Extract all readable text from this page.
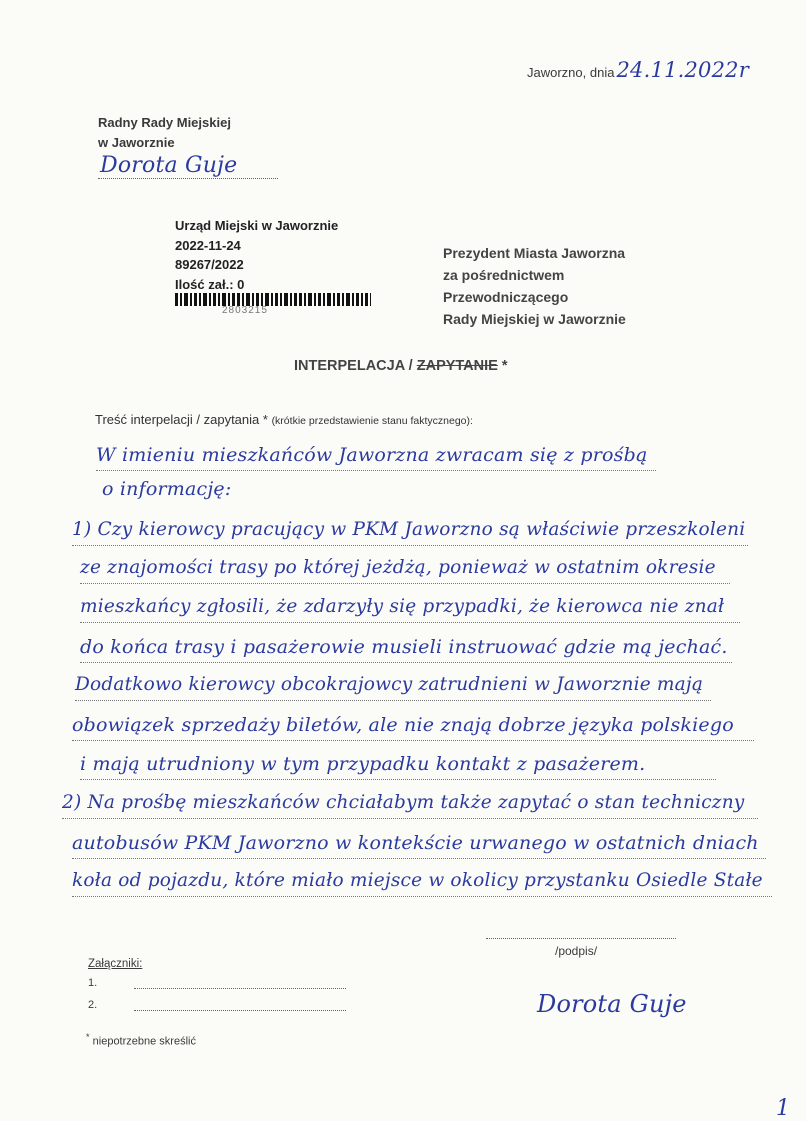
Jaworzno, dnia24.11.2022r
Radny Rady Miejskiej
w Jaworznie
Dorota Guje
Urząd Miejski w Jaworznie
2022-11-24
89267/2022
Ilość zał.: 0
2803215
Prezydent Miasta Jaworzna
za pośrednictwem
Przewodniczącego
Rady Miejskiej w Jaworznie
INTERPELACJA / ZAPYTANIE *
Treść interpelacji / zapytania * (krótkie przedstawienie stanu faktycznego):
W imieniu mieszkańców Jaworzna zwracam się z prośbą
o informację:
1) Czy kierowcy pracujący w PKM Jaworzno są właściwie przeszkoleni
ze znajomości trasy po której jeżdżą, ponieważ w ostatnim okresie
mieszkańcy zgłosili, że zdarzyły się przypadki, że kierowca nie znał
do końca trasy i pasażerowie musieli instruować gdzie mą jechać.
Dodatkowo kierowcy obcokrajowcy zatrudnieni w Jaworznie mają
obowiązek sprzedaży biletów, ale nie znają dobrze języka polskiego
i mają utrudniony w tym przypadku kontakt z pasażerem.
2) Na prośbę mieszkańców chciałabym także zapytać o stan techniczny
autobusów PKM Jaworzno w kontekście urwanego w ostatnich dniach
koła od pojazdu, które miało miejsce w okolicy przystanku Osiedle Stałe
/podpis/
Dorota Guje
Załączniki:
1.
2.
* niepotrzebne skreślić
1
